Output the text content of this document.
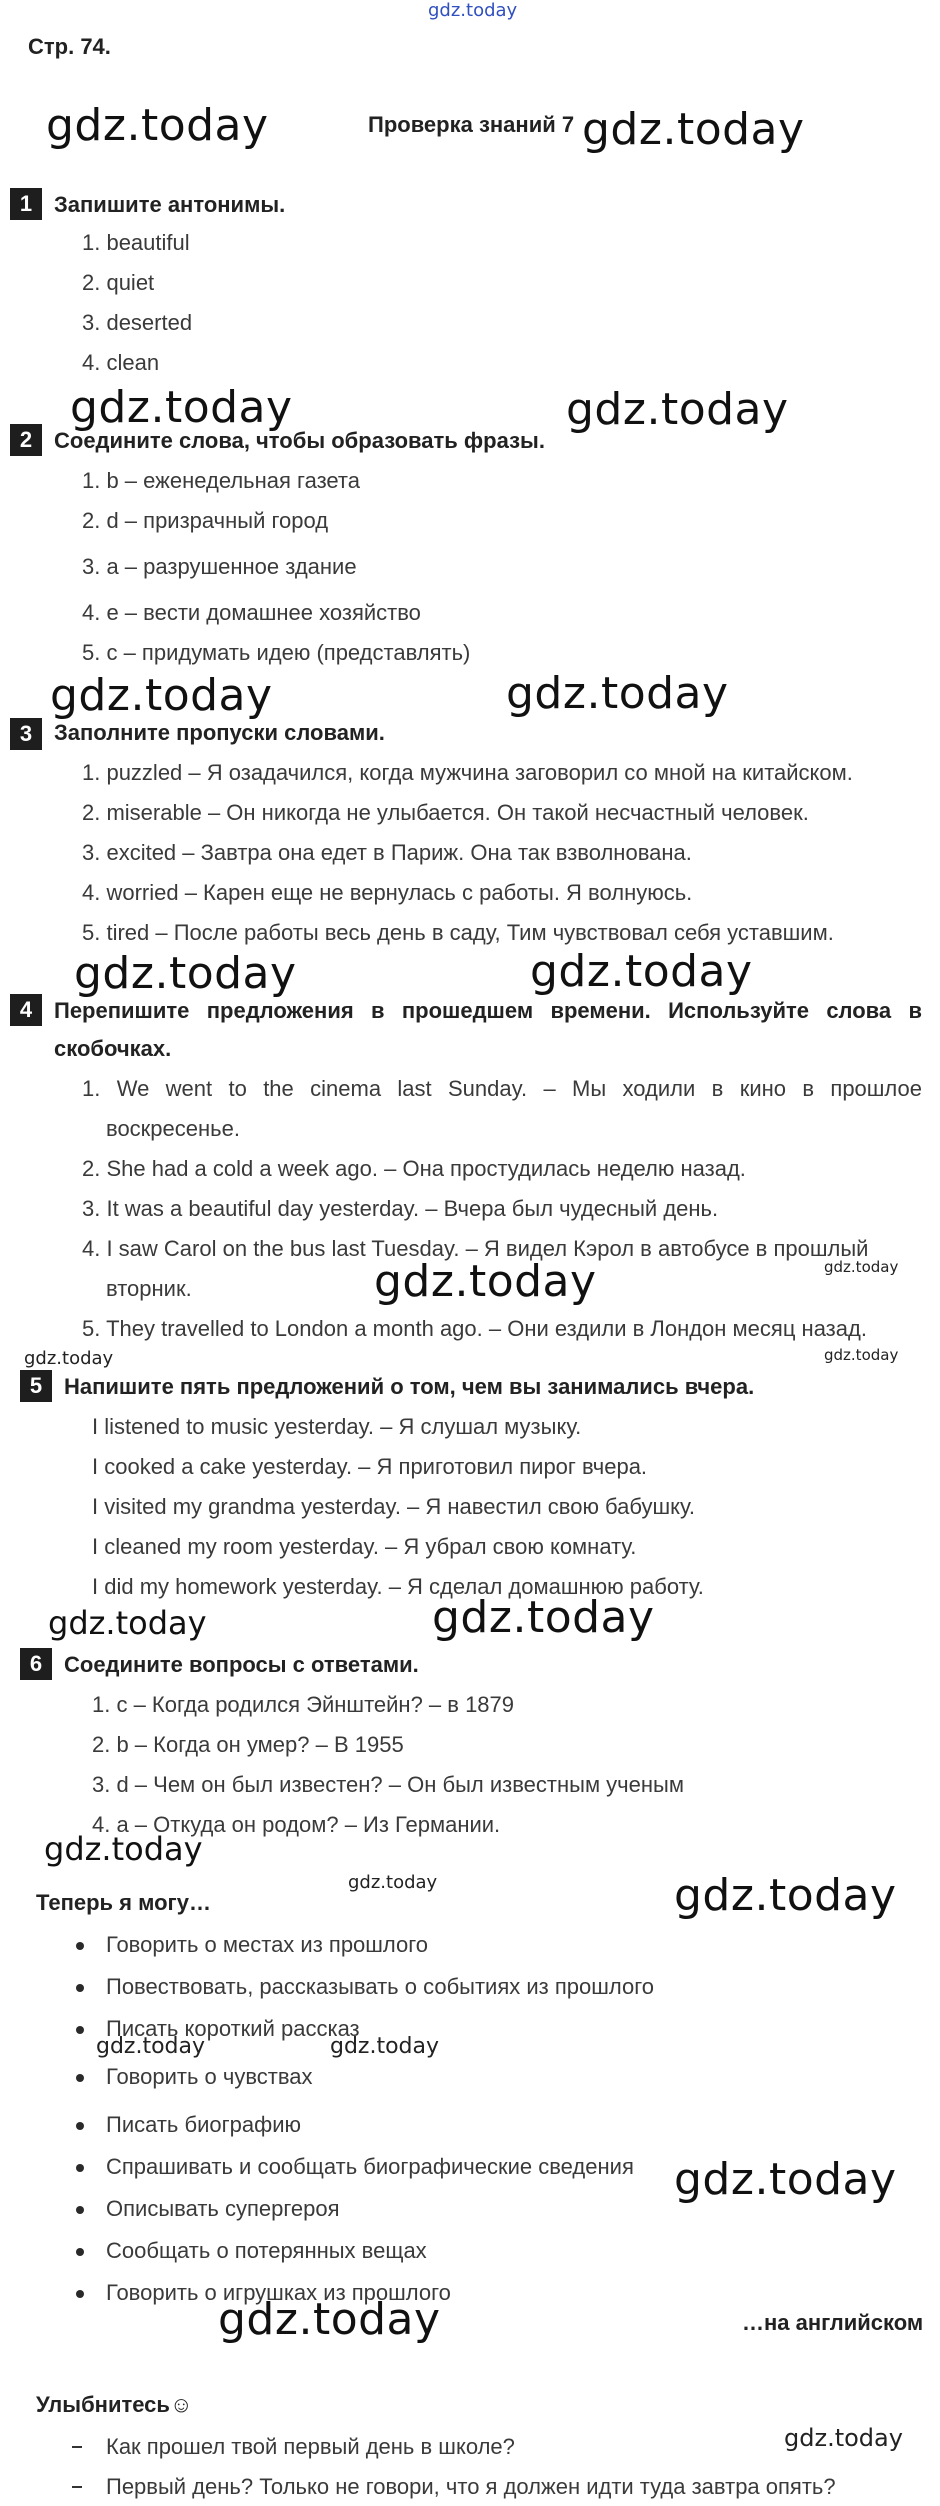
gdz.today
Стр. 74.
Проверка знаний 7
gdz.today	gdz.today
gdz.today	gdz.today
gdz.today	gdz.today
gdz.today	gdz.today
gdz.today
gdz.today
gdz.today
gdz.today
gdz.today
gdz.today
gdz.today
gdz.today
gdz.today
gdz.today	gdz.today
gdz.today
gdz.today	gdz.today
1 Запишите антонимы.
1. beautiful
2. quiet
3. deserted
4. clean
2 Соедините слова, чтобы образовать фразы.
1. b – еженедельная газета
2. d – призрачный город
3. a – разрушенное здание
4. e – вести домашнее хозяйство
5. c – придумать идею (представлять)
3 Заполните пропуски словами.
1. puzzled – Я озадачился, когда мужчина заговорил со мной на китайском.
2. miserable – Он никогда не улыбается. Он такой несчастный человек.
3. excited – Завтра она едет в Париж. Она так взволнована.
4. worried – Карен еще не вернулась с работы. Я волнуюсь.
5. tired – После работы весь день в саду, Тим чувствовал себя уставшим.
4 Перепишите предложения в прошедшем времени. Используйте слова в
скобочках.
1. We went to the cinema last Sunday. – Мы ходили в кино в прошлое
воскресенье.
2. She had a cold a week ago. – Она простудилась неделю назад.
3. It was a beautiful day yesterday. – Вчера был чудесный день.
4. I saw Carol on the bus last Tuesday. – Я видел Кэрол в автобусе в прошлый
вторник.
5. They travelled to London a month ago. – Они ездили в Лондон месяц назад.
5 Напишите пять предложений о том, чем вы занимались вчера.
I listened to music yesterday. – Я слушал музыку.
I cooked a cake yesterday. – Я приготовил пирог вчера.
I visited my grandma yesterday. – Я навестил свою бабушку.
I cleaned my room yesterday. – Я убрал свою комнату.
I did my homework yesterday. – Я сделал домашнюю работу.
6 Соедините вопросы с ответами.
1. c – Когда родился Эйнштейн? – в 1879
2. b – Когда он умер? – В 1955
3. d – Чем он был известен? – Он был известным ученым
4. a – Откуда он родом? – Из Германии.
Теперь я могу…
Говорить о местах из прошлого
Повествовать, рассказывать о событиях из прошлого
Писать короткий рассказ
Говорить о чувствах
Писать биографию
Спрашивать и сообщать биографические сведения
Описывать супергероя
Сообщать о потерянных вещах
Говорить о игрушках из прошлого
…на английском
Улыбнитесь☺
Как прошел твой первый день в школе?
Первый день? Только не говори, что я должен идти туда завтра опять?
